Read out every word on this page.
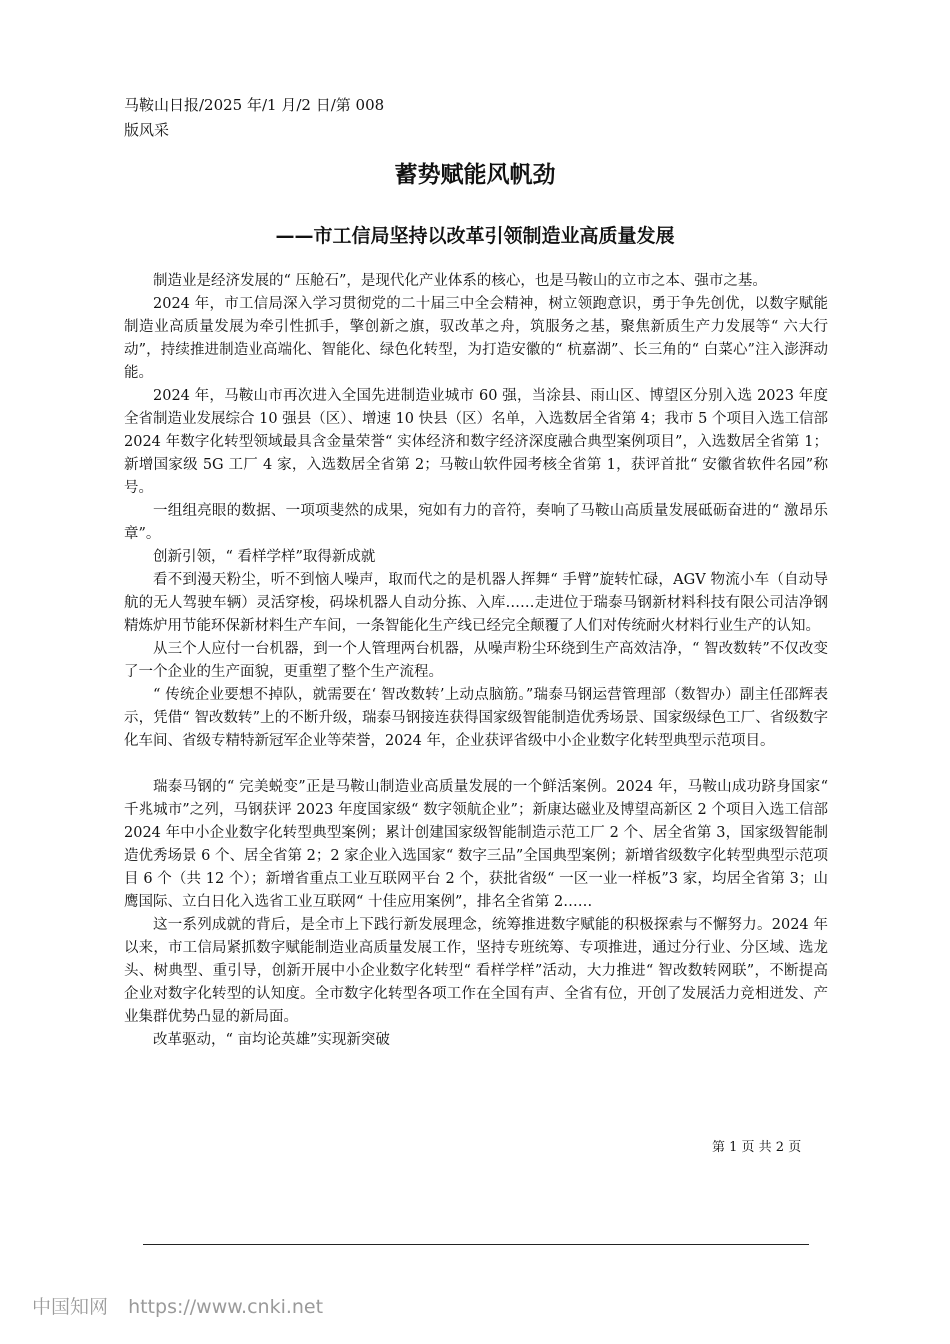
马鞍山日报/2025 年/1 月/2 日/第 008
版风采
蓄势赋能风帆劲
——市工信局坚持以改革引领制造业高质量发展

制造业是经济发展的“ 压舱石”，是现代化产业体系的核心，也是马鞍山的立市之本、强市之基。

2024 年，市工信局深入学习贯彻党的二十届三中全会精神，树立领跑意识，勇于争先创优，以数字赋能制造业高质量发展为牵引性抓手，擎创新之旗，驭改革之舟，筑服务之基，聚焦新质生产力发展等“ 六大行动”，持续推进制造业高端化、智能化、绿色化转型，为打造安徽的“ 杭嘉湖”、长三角的“ 白菜心”注入澎湃动能。

2024 年，马鞍山市再次进入全国先进制造业城市 60 强，当涂县、雨山区、博望区分别入选 2023 年度全省制造业发展综合 10 强县（区）、增速 10 快县（区）名单，入选数居全省第 4；我市 5 个项目入选工信部 2024 年数字化转型领域最具含金量荣誉“ 实体经济和数字经济深度融合典型案例项目”，入选数居全省第 1；新增国家级 5G 工厂 4 家，入选数居全省第 2；马鞍山软件园考核全省第 1，获评首批“ 安徽省软件名园”称号。

一组组亮眼的数据、一项项斐然的成果，宛如有力的音符，奏响了马鞍山高质量发展砥砺奋进的“ 激昂乐章”。

创新引领，“ 看样学样”取得新成就

看不到漫天粉尘，听不到恼人噪声，取而代之的是机器人挥舞“ 手臂”旋转忙碌，AGV 物流小车（自动导航的无人驾驶车辆）灵活穿梭，码垛机器人自动分拣、入库……走进位于瑞泰马钢新材料科技有限公司洁净钢精炼炉用节能环保新材料生产车间，一条智能化生产线已经完全颠覆了人们对传统耐火材料行业生产的认知。

从三个人应付一台机器，到一个人管理两台机器，从噪声粉尘环绕到生产高效洁净，“ 智改数转”不仅改变了一个企业的生产面貌，更重塑了整个生产流程。

“ 传统企业要想不掉队，就需要在‘ 智改数转’上动点脑筋。”瑞泰马钢运营管理部（数智办）副主任邵辉表示，凭借“ 智改数转”上的不断升级，瑞泰马钢接连获得国家级智能制造优秀场景、国家级绿色工厂、省级数字化车间、省级专精特新冠军企业等荣誉，2024 年，企业获评省级中小企业数字化转型典型示范项目。

瑞泰马钢的“ 完美蜕变”正是马鞍山制造业高质量发展的一个鲜活案例。2024 年，马鞍山成功跻身国家“ 千兆城市”之列，马钢获评 2023 年度国家级“ 数字领航企业”；新康达磁业及博望高新区 2 个项目入选工信部 2024 年中小企业数字化转型典型案例；累计创建国家级智能制造示范工厂 2 个、居全省第 3，国家级智能制造优秀场景 6 个、居全省第 2；2 家企业入选国家“ 数字三品”全国典型案例；新增省级数字化转型典型示范项目 6 个（共 12 个）；新增省重点工业互联网平台 2 个，获批省级“ 一区一业一样板”3 家，均居全省第 3；山鹰国际、立白日化入选省工业互联网“ 十佳应用案例”，排名全省第 2……

这一系列成就的背后，是全市上下践行新发展理念，统筹推进数字赋能的积极探索与不懈努力。2024 年以来，市工信局紧抓数字赋能制造业高质量发展工作，坚持专班统筹、专项推进，通过分行业、分区域、选龙头、树典型、重引导，创新开展中小企业数字化转型“ 看样学样”活动，大力推进“ 智改数转网联”，不断提高企业对数字化转型的认知度。全市数字化转型各项工作在全国有声、全省有位，开创了发展活力竞相迸发、产业集群优势凸显的新局面。

改革驱动，“ 亩均论英雄”实现新突破

第 1 页 共 2 页
中国知网 https://www.cnki.net
